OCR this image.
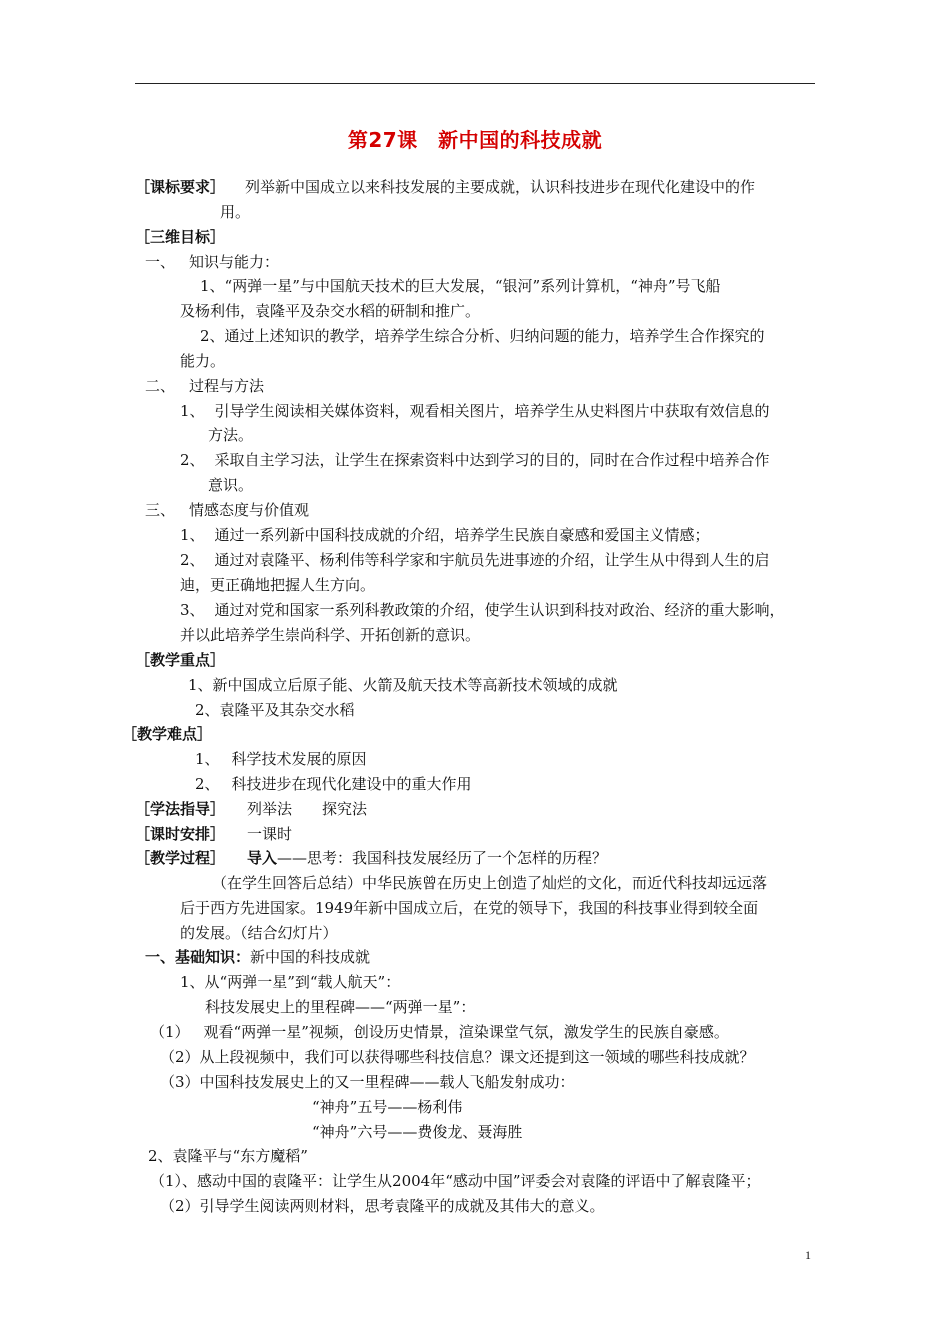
第27课　新中国的科技成就
［课标要求］ 列举新中国成立以来科技发展的主要成就，认识科技进步在现代化建设中的作
用。
［三维目标］
一、 知识与能力：
1、“两弹一星”与中国航天技术的巨大发展，“银河”系列计算机，“神舟”号飞船
及杨利伟，袁隆平及杂交水稻的研制和推广。
2、通过上述知识的教学，培养学生综合分析、归纳问题的能力，培养学生合作探究的
能力。
二、 过程与方法
1、 引导学生阅读相关媒体资料，观看相关图片，培养学生从史料图片中获取有效信息的
方法。
2、 采取自主学习法，让学生在探索资料中达到学习的目的，同时在合作过程中培养合作
意识。
三、 情感态度与价值观
1、 通过一系列新中国科技成就的介绍，培养学生民族自豪感和爱国主义情感；
2、 通过对袁隆平、杨利伟等科学家和宇航员先进事迹的介绍，让学生从中得到人生的启
迪，更正确地把握人生方向。
3、 通过对党和国家一系列科教政策的介绍，使学生认识到科技对政治、经济的重大影响，
并以此培养学生崇尚科学、开拓创新的意识。
［教学重点］
1、新中国成立后原子能、火箭及航天技术等高新技术领域的成就
2、袁隆平及其杂交水稻
［教学难点］
1、 科学技术发展的原因
2、 科技进步在现代化建设中的重大作用
［学法指导］ 列举法　　探究法
［课时安排］ 一课时
［教学过程］ 导入——思考：我国科技发展经历了一个怎样的历程？
（在学生回答后总结）中华民族曾在历史上创造了灿烂的文化，而近代科技却远远落
后于西方先进国家。1949年新中国成立后，在党的领导下，我国的科技事业得到较全面
的发展。（结合幻灯片）
一、基础知识：新中国的科技成就
1、从“两弹一星”到“载人航天”：
科技发展史上的里程碑——“两弹一星”：
（1） 观看“两弹一星”视频，创设历史情景，渲染课堂气氛，激发学生的民族自豪感。
（2）从上段视频中，我们可以获得哪些科技信息？课文还提到这一领域的哪些科技成就？
（3）中国科技发展史上的又一里程碑——载人飞船发射成功：
“神舟”五号——杨利伟
“神舟”六号——费俊龙、聂海胜
2、袁隆平与“东方魔稻”
（1）、感动中国的袁隆平：让学生从2004年“感动中国”评委会对袁隆的评语中了解袁隆平；
（2）引导学生阅读两则材料，思考袁隆平的成就及其伟大的意义。
1
